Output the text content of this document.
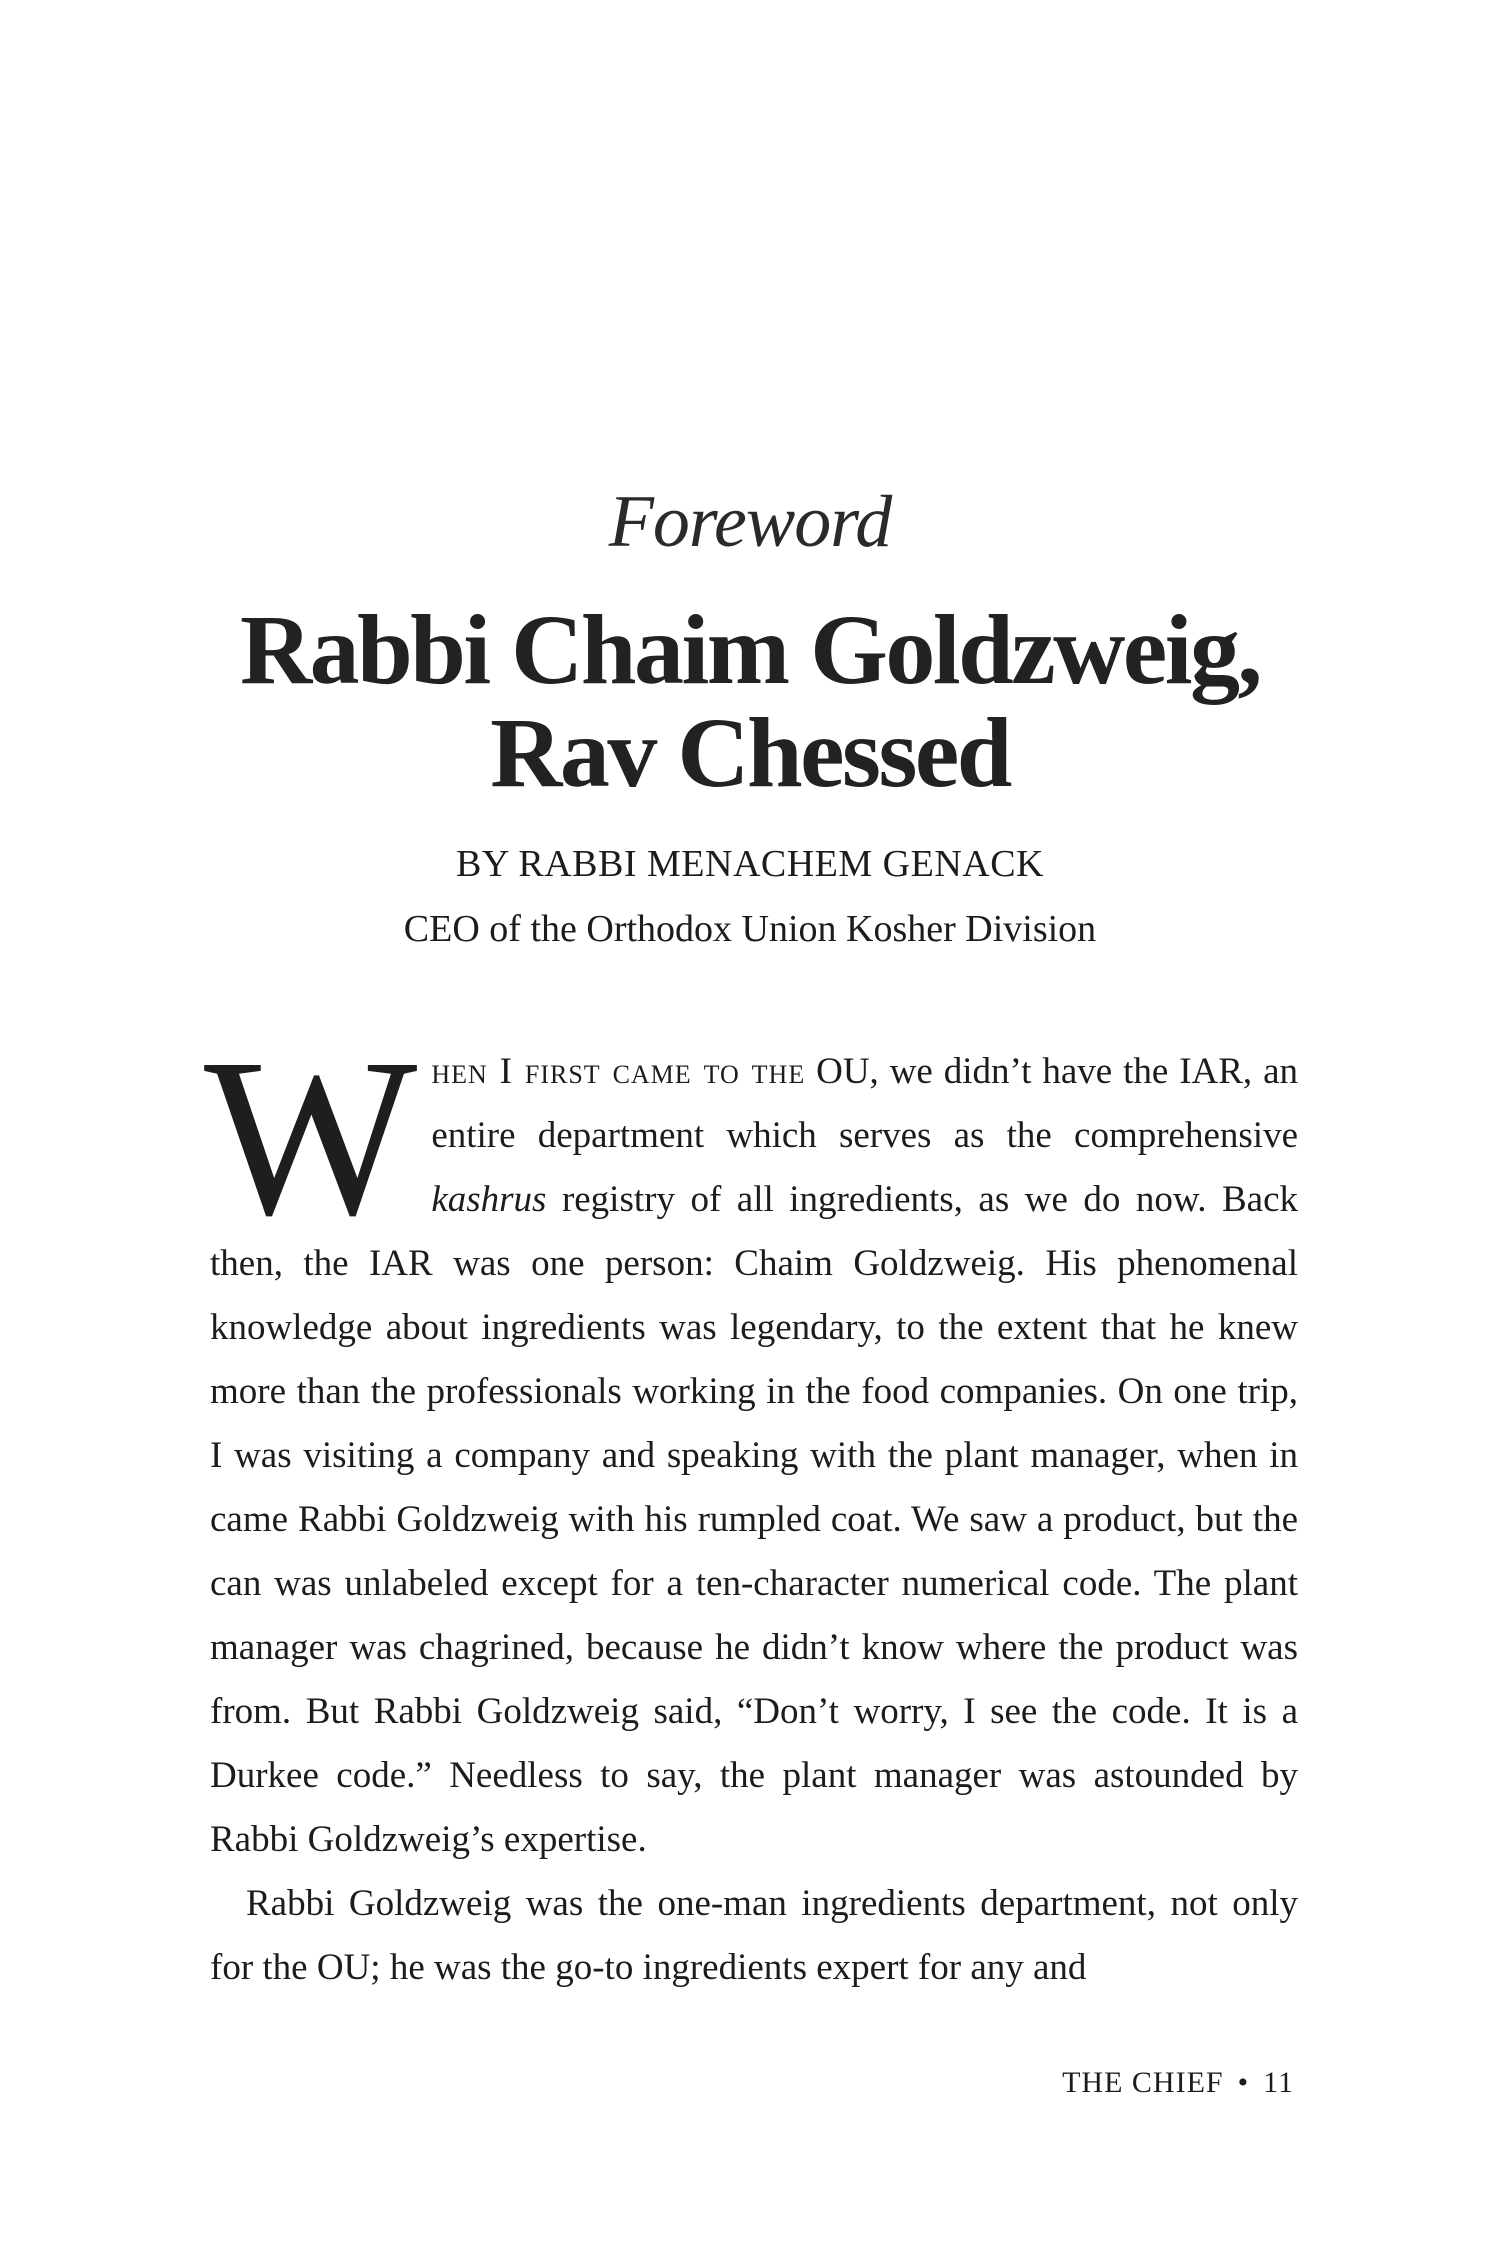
Foreword
Rabbi Chaim Goldzweig,
Rav Chessed
BY RABBI MENACHEM GENACK
CEO of the Orthodox Union Kosher Division

When I first came to the OU, we didn’t have the IAR, an entire department which serves as the comprehensive kashrus registry of all ingredients, as we do now. Back then, the IAR was one person: Chaim Goldzweig. His phenomenal knowledge about ingredients was legendary, to the extent that he knew more than the professionals working in the food companies. On one trip, I was visiting a company and speaking with the plant manager, when in came Rabbi Goldzweig with his rumpled coat. We saw a product, but the can was unlabeled except for a ten-character numerical code. The plant manager was chagrined, because he didn’t know where the product was from. But Rabbi Goldzweig said, “Don’t worry, I see the code. It is a Durkee code.” Needless to say, the plant manager was astounded by Rabbi Goldzweig’s expertise.

Rabbi Goldzweig was the one-man ingredients department, not only for the OU; he was the go-to ingredients expert for any and

THE CHIEF • 11
